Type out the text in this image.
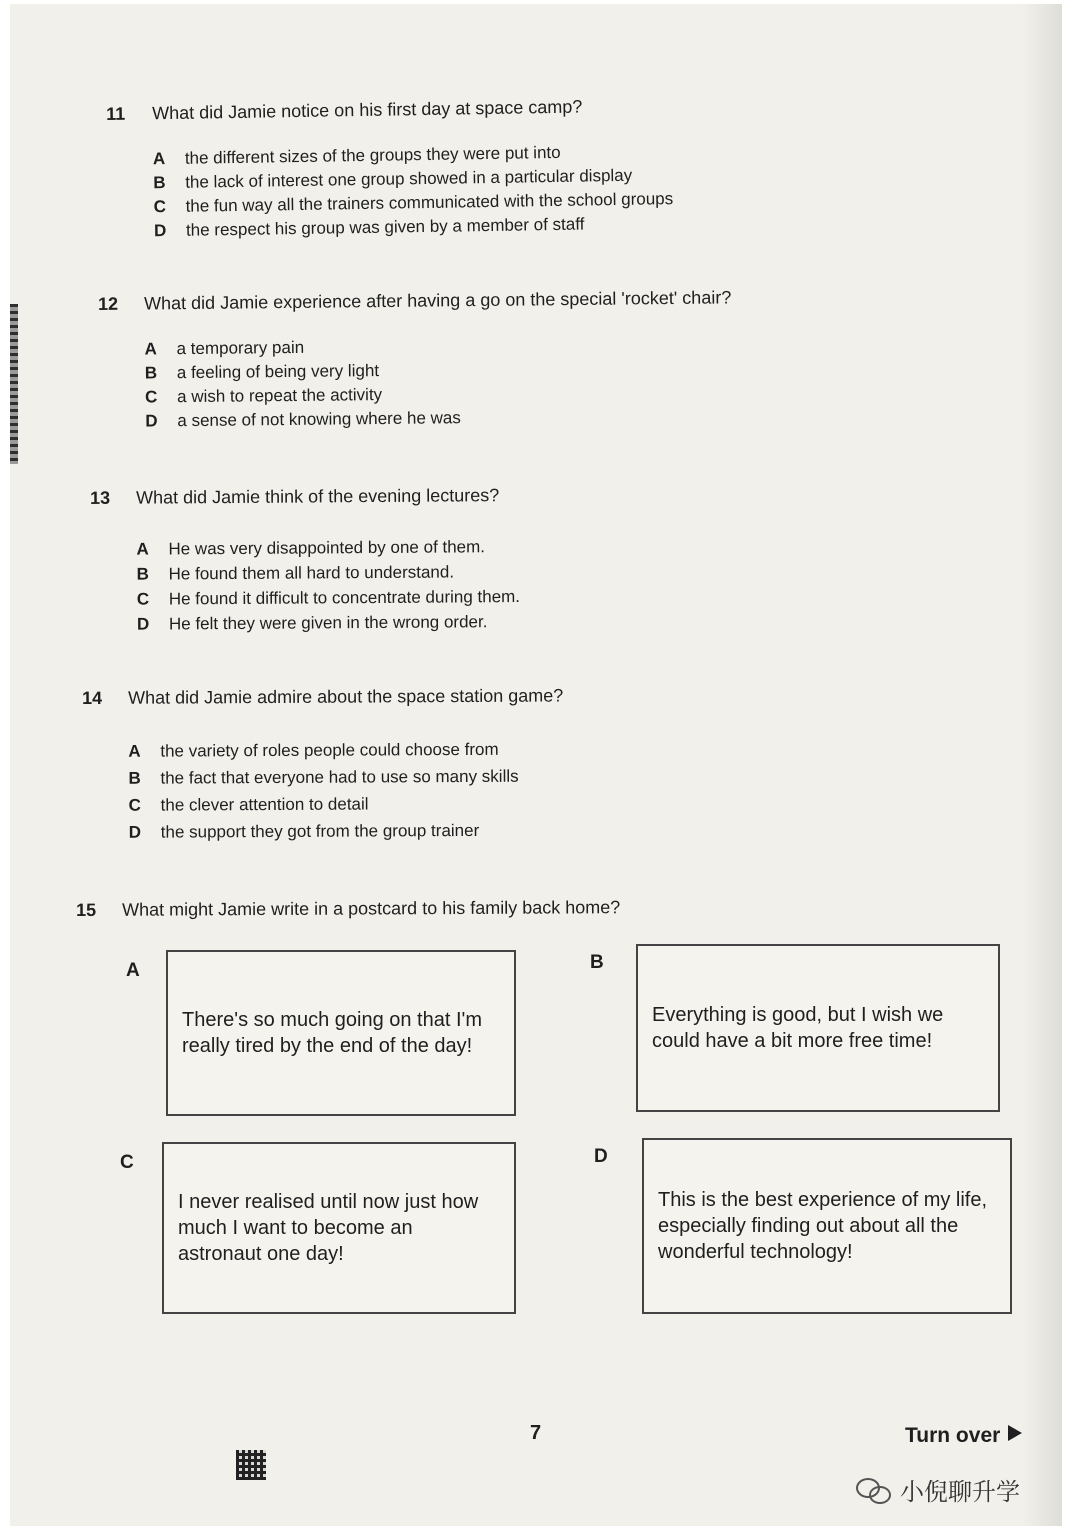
11 What did Jamie notice on his first day at space camp?
A the different sizes of the groups they were put into
B the lack of interest one group showed in a particular display
C the fun way all the trainers communicated with the school groups
D the respect his group was given by a member of staff
12 What did Jamie experience after having a go on the special 'rocket' chair?
A a temporary pain
B a feeling of being very light
C a wish to repeat the activity
D a sense of not knowing where he was
13 What did Jamie think of the evening lectures?
A He was very disappointed by one of them.
B He found them all hard to understand.
C He found it difficult to concentrate during them.
D He felt they were given in the wrong order.
14 What did Jamie admire about the space station game?
A the variety of roles people could choose from
B the fact that everyone had to use so many skills
C the clever attention to detail
D the support they got from the group trainer
15 What might Jamie write in a postcard to his family back home?
A
There's so much going on that I'm really tired by the end of the day!
B
Everything is good, but I wish we could have a bit more free time!
C
I never realised until now just how much I want to become an astronaut one day!
D
This is the best experience of my life, especially finding out about all the wonderful technology!
7	Turn over
小倪聊升学
